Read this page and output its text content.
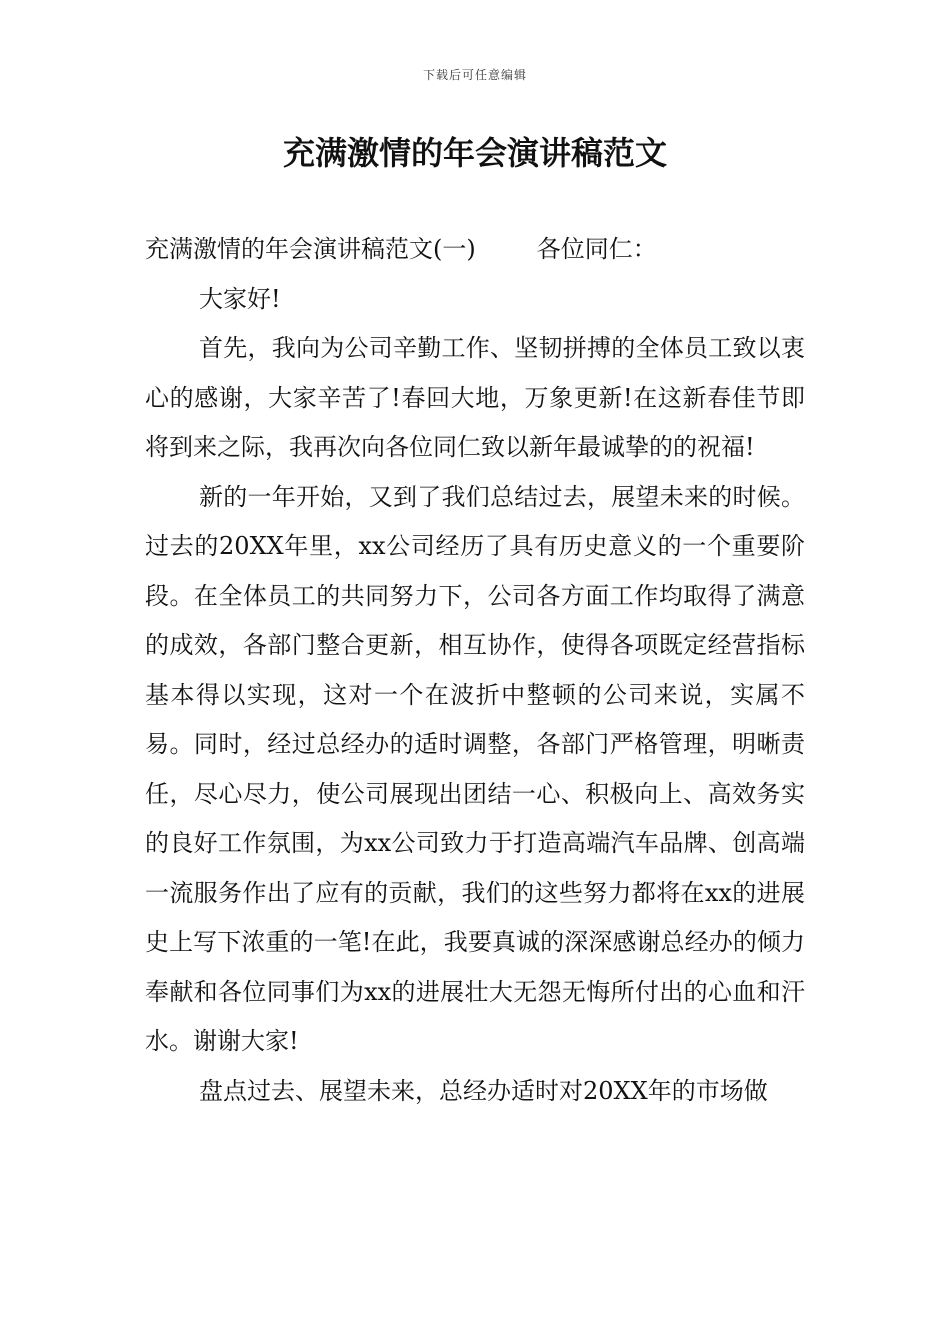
下载后可任意编辑
充满激情的年会演讲稿范文

充满激情的年会演讲稿范文(一)	各位同仁：

大家好!

首先，我向为公司辛勤工作、坚韧拼搏的全体员工致以衷心的感谢，大家辛苦了!春回大地，万象更新!在这新春佳节即将到来之际，我再次向各位同仁致以新年最诚挚的的祝福!

新的一年开始，又到了我们总结过去，展望未来的时候。过去的20XX年里，xx公司经历了具有历史意义的一个重要阶段。在全体员工的共同努力下，公司各方面工作均取得了满意的成效，各部门整合更新，相互协作，使得各项既定经营指标基本得以实现，这对一个在波折中整顿的公司来说，实属不易。同时，经过总经办的适时调整，各部门严格管理，明晰责任，尽心尽力，使公司展现出团结一心、积极向上、高效务实的良好工作氛围，为xx公司致力于打造高端汽车品牌、创高端一流服务作出了应有的贡献，我们的这些努力都将在xx的进展史上写下浓重的一笔!在此，我要真诚的深深感谢总经办的倾力奉献和各位同事们为xx的进展壮大无怨无悔所付出的心血和汗水。谢谢大家!

盘点过去、展望未来，总经办适时对20XX年的市场做
